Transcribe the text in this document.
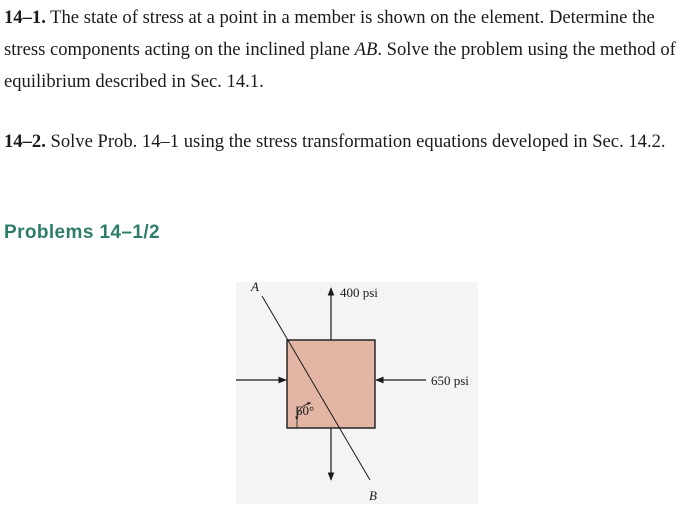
14–1. The state of stress at a point in a member is shown on the element. Determine the stress components acting on the inclined plane AB. Solve the problem using the method of equilibrium described in Sec. 14.1.

14–2. Solve Prob. 14–1 using the stress transformation equations developed in Sec. 14.2.

Problems 14–1/2
A
B
400 psi
650 psi
60°
